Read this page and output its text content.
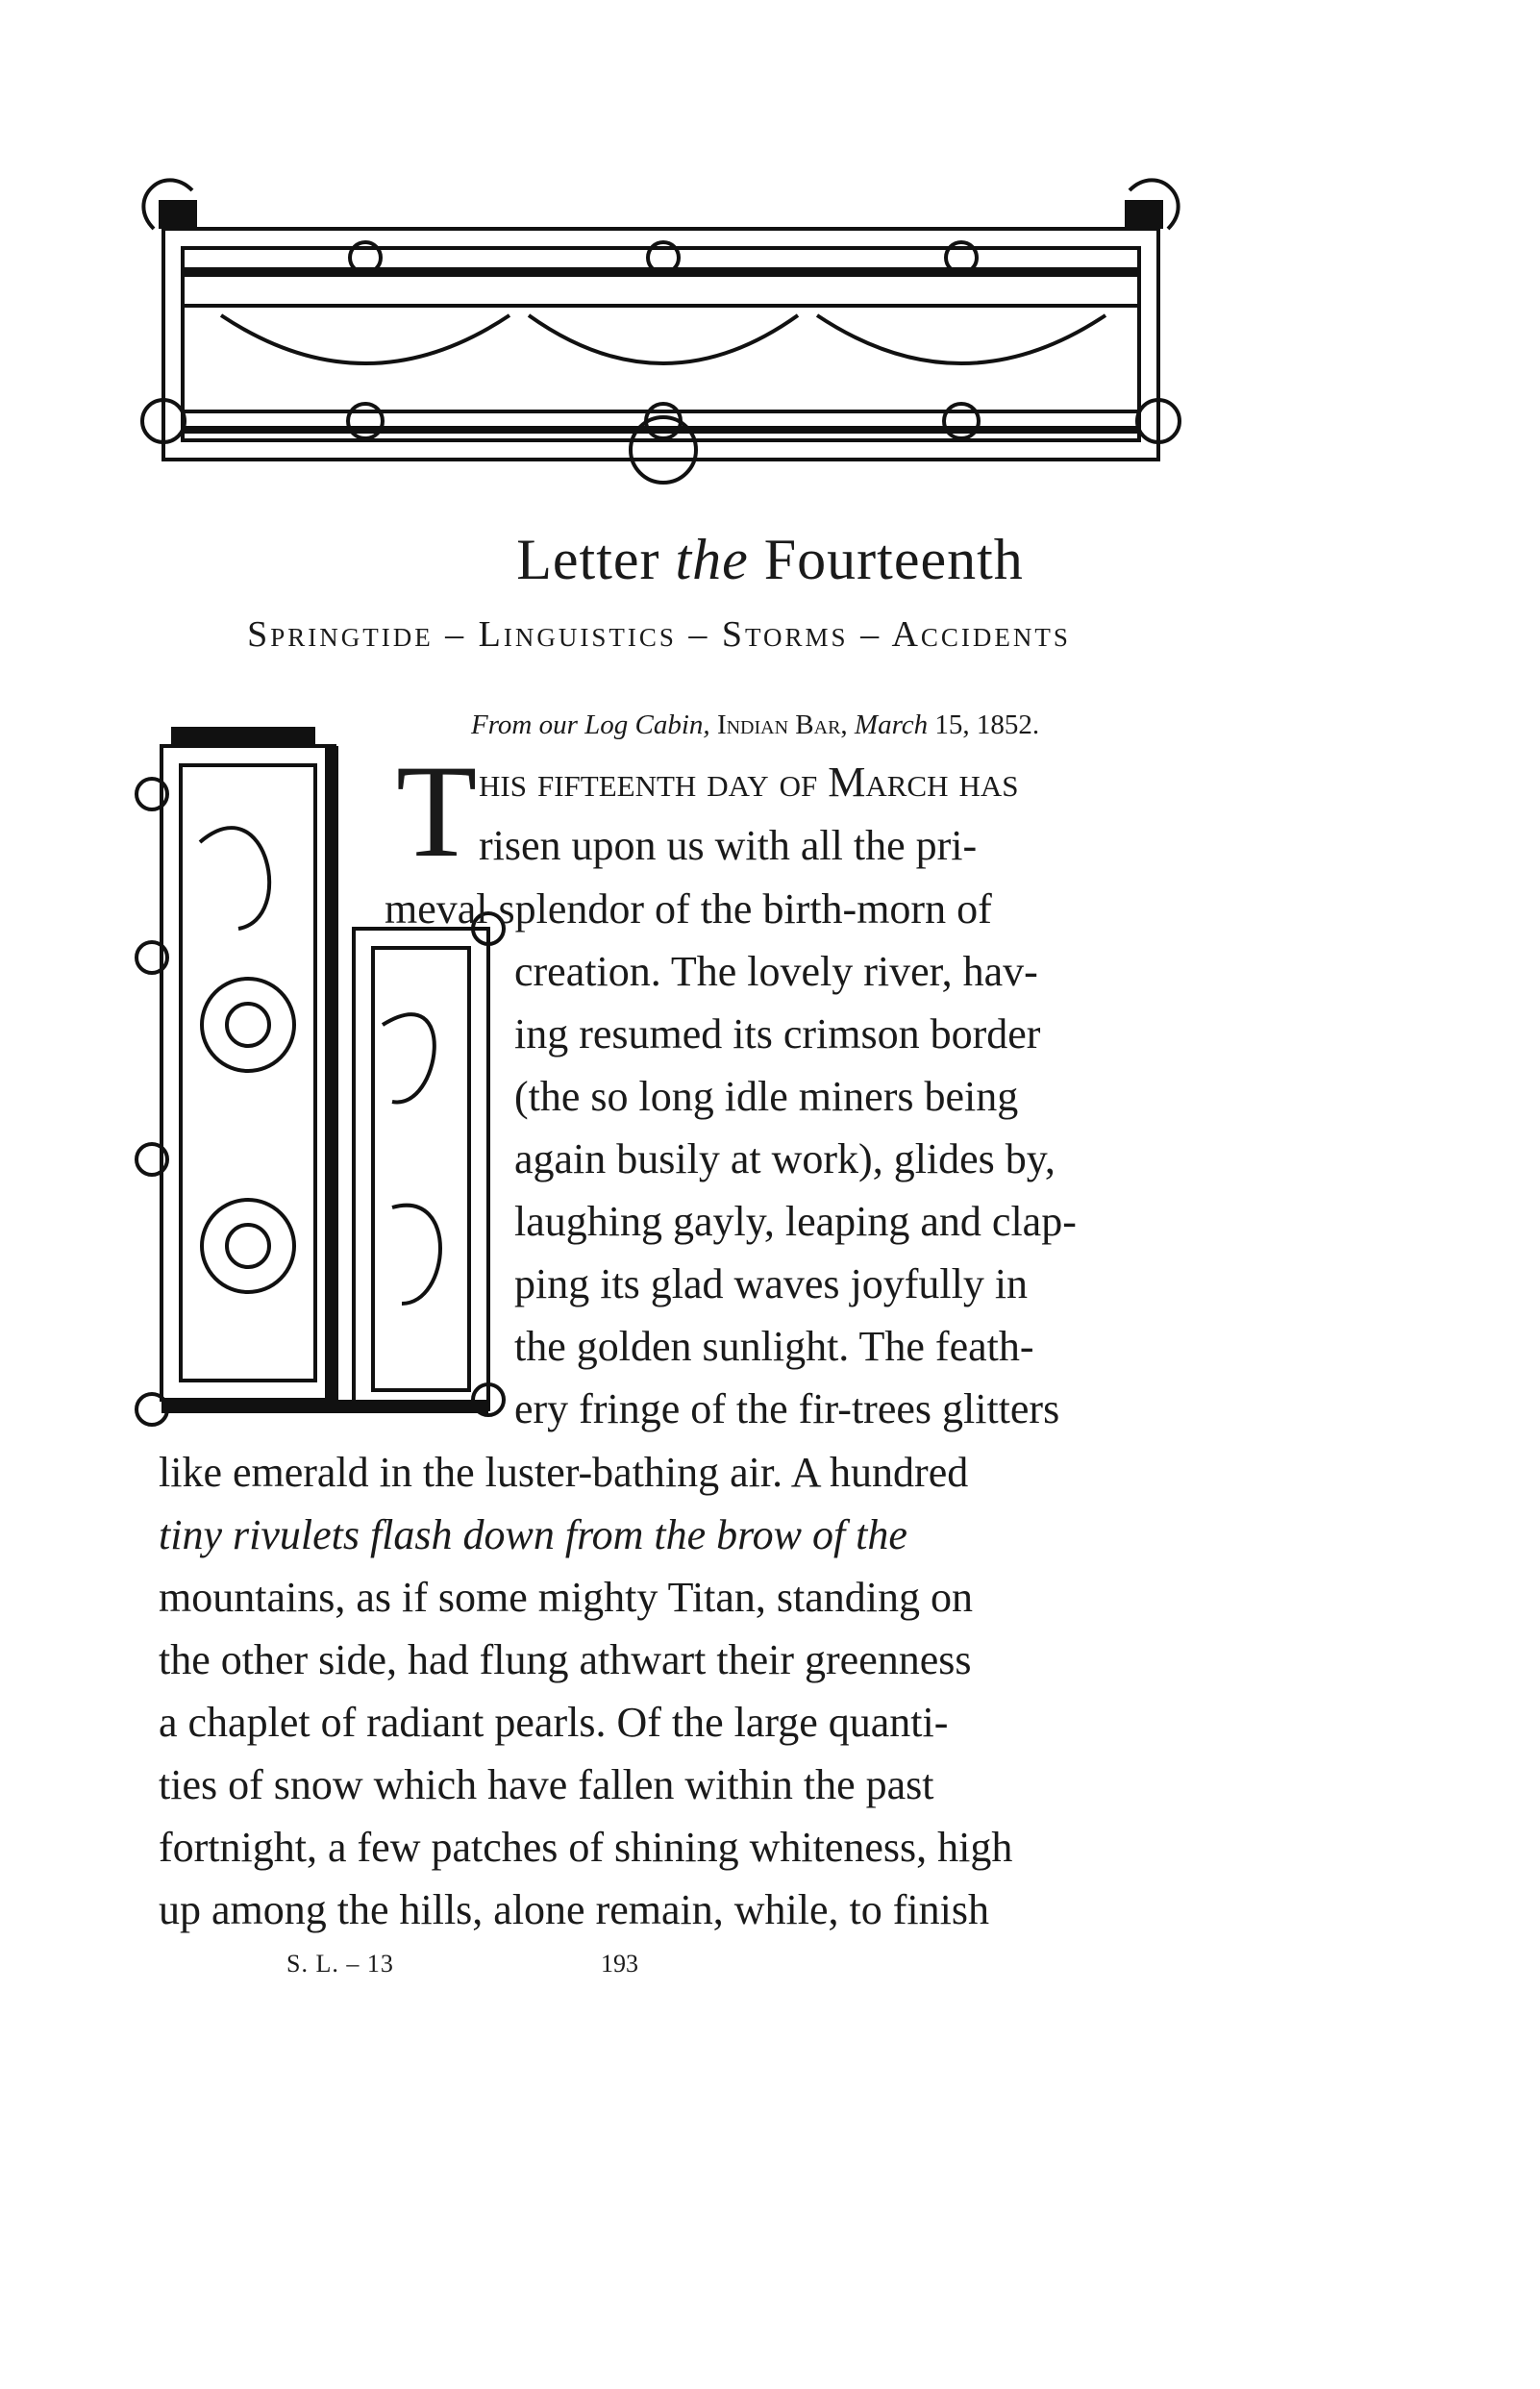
Letter the Fourteenth
Springtide – Linguistics – Storms – Accidents
From our Log Cabin, Indian Bar, March 15, 1852.
T his fifteenth day of March has
risen upon us with all the pri-
meval splendor of the birth-morn of
creation. The lovely river, hav-
ing resumed its crimson border
(the so long idle miners being
again busily at work), glides by,
laughing gayly, leaping and clap-
ping its glad waves joyfully in
the golden sunlight. The feath-
ery fringe of the fir-trees glitters
like emerald in the luster-bathing air. A hundred
tiny rivulets flash down from the brow of the
mountains, as if some mighty Titan, standing on
the other side, had flung athwart their greenness
a chaplet of radiant pearls. Of the large quanti-
ties of snow which have fallen within the past
fortnight, a few patches of shining whiteness, high
up among the hills, alone remain, while, to finish
S. L. – 13	193
